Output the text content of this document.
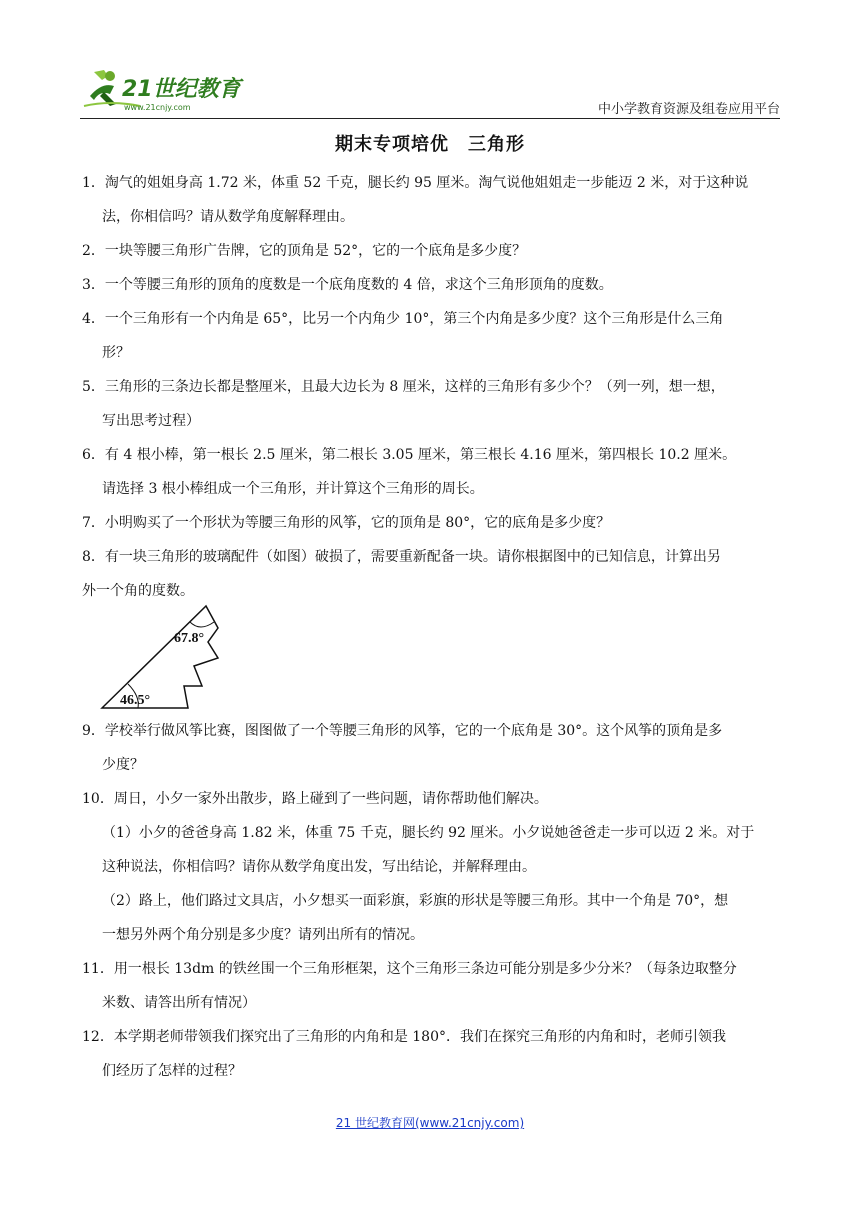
21世纪教育
www.21cnjy.com	中小学教育资源及组卷应用平台
期末专项培优　三角形
1．淘气的姐姐身高 1.72 米，体重 52 千克，腿长约 95 厘米。淘气说他姐姐走一步能迈 2 米，对于这种说
法，你相信吗？请从数学角度解释理由。
2．一块等腰三角形广告牌，它的顶角是 52°，它的一个底角是多少度？
3．一个等腰三角形的顶角的度数是一个底角度数的 4 倍，求这个三角形顶角的度数。
4．一个三角形有一个内角是 65°，比另一个内角少 10°，第三个内角是多少度？这个三角形是什么三角
形？
5．三角形的三条边长都是整厘米，且最大边长为 8 厘米，这样的三角形有多少个？（列一列，想一想，
写出思考过程）
6．有 4 根小棒，第一根长 2.5 厘米，第二根长 3.05 厘米，第三根长 4.16 厘米，第四根长 10.2 厘米。
请选择 3 根小棒组成一个三角形，并计算这个三角形的周长。
7．小明购买了一个形状为等腰三角形的风筝，它的顶角是 80°，它的底角是多少度？
8．有一块三角形的玻璃配件（如图）破损了，需要重新配备一块。请你根据图中的已知信息，计算出另
外一个角的度数。
67.8°
46.5°
9．学校举行做风筝比赛，图图做了一个等腰三角形的风筝，它的一个底角是 30°。这个风筝的顶角是多
少度？
10．周日，小夕一家外出散步，路上碰到了一些问题，请你帮助他们解决。
（1）小夕的爸爸身高 1.82 米，体重 75 千克，腿长约 92 厘米。小夕说她爸爸走一步可以迈 2 米。对于
这种说法，你相信吗？请你从数学角度出发，写出结论，并解释理由。
（2）路上，他们路过文具店，小夕想买一面彩旗，彩旗的形状是等腰三角形。其中一个角是 70°，想
一想另外两个角分别是多少度？请列出所有的情况。
11．用一根长 13dm 的铁丝围一个三角形框架，这个三角形三条边可能分别是多少分米？（每条边取整分
米数、请答出所有情况）
12．本学期老师带领我们探究出了三角形的内角和是 180°．我们在探究三角形的内角和时，老师引领我
们经历了怎样的过程？
21 世纪教育网(www.21cnjy.com)
